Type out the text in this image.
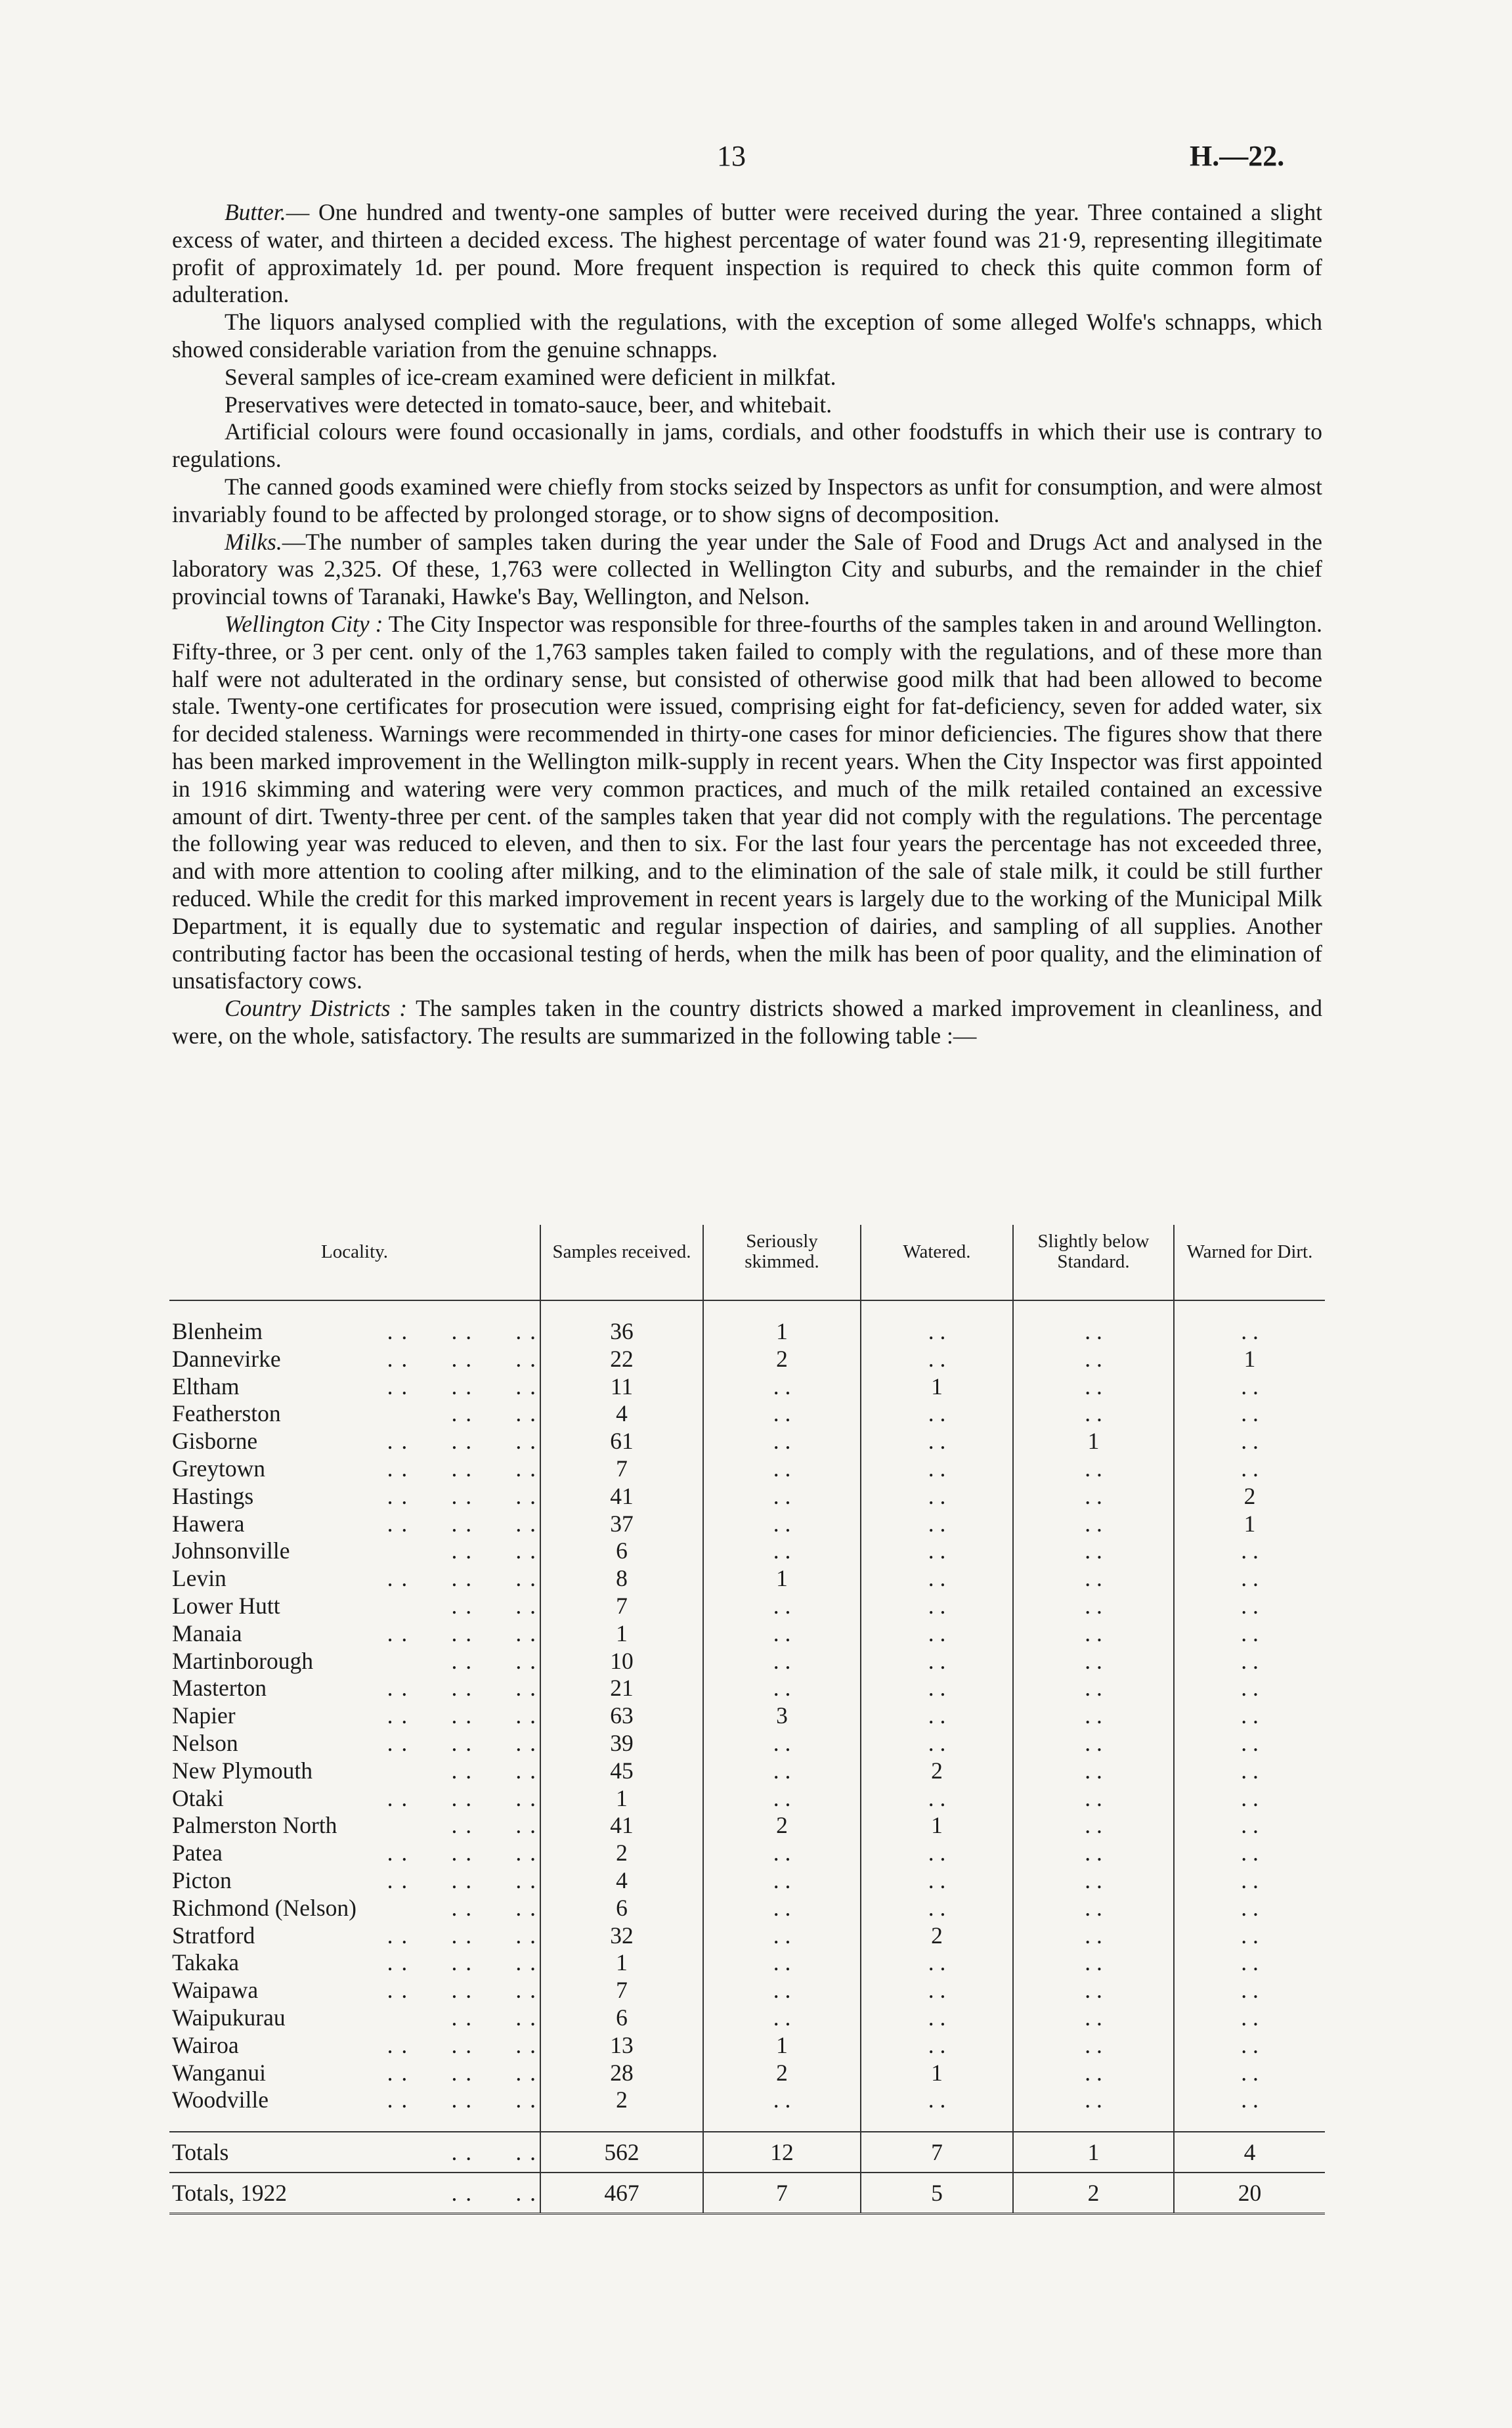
13	H.—22.

Butter.— One hundred and twenty-one samples of butter were received during the year. Three contained a slight excess of water, and thirteen a decided excess. The highest percentage of water found was 21·9, representing illegitimate profit of approximately 1d. per pound. More frequent inspection is required to check this quite common form of adulteration.

The liquors analysed complied with the regulations, with the exception of some alleged Wolfe's schnapps, which showed considerable variation from the genuine schnapps.

Several samples of ice-cream examined were deficient in milkfat.

Preservatives were detected in tomato-sauce, beer, and whitebait.

Artificial colours were found occasionally in jams, cordials, and other foodstuffs in which their use is contrary to regulations.

The canned goods examined were chiefly from stocks seized by Inspectors as unfit for consumption, and were almost invariably found to be affected by prolonged storage, or to show signs of decomposition.

Milks.—The number of samples taken during the year under the Sale of Food and Drugs Act and analysed in the laboratory was 2,325. Of these, 1,763 were collected in Wellington City and suburbs, and the remainder in the chief provincial towns of Taranaki, Hawke's Bay, Wellington, and Nelson.

Wellington City : The City Inspector was responsible for three-fourths of the samples taken in and around Wellington. Fifty-three, or 3 per cent. only of the 1,763 samples taken failed to comply with the regulations, and of these more than half were not adulterated in the ordinary sense, but consisted of otherwise good milk that had been allowed to become stale. Twenty-one certificates for prosecution were issued, comprising eight for fat-deficiency, seven for added water, six for decided staleness. Warnings were recommended in thirty-one cases for minor deficiencies. The figures show that there has been marked improvement in the Wellington milk-supply in recent years. When the City Inspector was first appointed in 1916 skimming and watering were very common practices, and much of the milk retailed contained an excessive amount of dirt. Twenty-three per cent. of the samples taken that year did not comply with the regulations. The percentage the following year was reduced to eleven, and then to six. For the last four years the percentage has not exceeded three, and with more attention to cooling after milking, and to the elimination of the sale of stale milk, it could be still further reduced. While the credit for this marked improvement in recent years is largely due to the working of the Municipal Milk Department, it is equally due to systematic and regular inspection of dairies, and sampling of all supplies. Another contributing factor has been the occasional testing of herds, when the milk has been of poor quality, and the elimination of unsatisfactory cows.

Country Districts : The samples taken in the country districts showed a marked improvement in cleanliness, and were, on the whole, satisfactory. The results are summarized in the following table :—

Locality.	Samples received.	Seriously skimmed.	Watered.	Slightly below Standard.	Warned for Dirt.

Blenheim . .      . .      . .	36	1	. .	. .	. .
Dannevirke . .      . .      . .	22	2	. .	. .	1
Eltham . .      . .      . .	11	. .	1	. .	. .
Featherston . .      . .	4	. .	. .	. .	. .
Gisborne . .      . .      . .	61	. .	. .	1	. .
Greytown . .      . .      . .	7	. .	. .	. .	. .
Hastings . .      . .      . .	41	. .	. .	. .	2
Hawera . .      . .      . .	37	. .	. .	. .	1
Johnsonville . .      . .	6	. .	. .	. .	. .
Levin . .      . .      . .	8	1	. .	. .	. .
Lower Hutt . .      . .	7	. .	. .	. .	. .
Manaia . .      . .      . .	1	. .	. .	. .	. .
Martinborough . .      . .	10	. .	. .	. .	. .
Masterton . .      . .      . .	21	. .	. .	. .	. .
Napier . .      . .      . .	63	3	. .	. .	. .
Nelson . .      . .      . .	39	. .	. .	. .	. .
New Plymouth . .      . .	45	. .	2	. .	. .
Otaki . .      . .      . .	1	. .	. .	. .	. .
Palmerston North . .      . .	41	2	1	. .	. .
Patea . .      . .      . .	2	. .	. .	. .	. .
Picton . .      . .      . .	4	. .	. .	. .	. .
Richmond (Nelson) . .      . .	6	. .	. .	. .	. .
Stratford . .      . .      . .	32	. .	2	. .	. .
Takaka . .      . .      . .	1	. .	. .	. .	. .
Waipawa . .      . .      . .	7	. .	. .	. .	. .
Waipukurau . .      . .	6	. .	. .	. .	. .
Wairoa . .      . .      . .	13	1	. .	. .	. .
Wanganui . .      . .      . .	28	2	1	. .	. .
Woodville . .      . .      . .	2	. .	. .	. .	. .

Totals . .      . .	562	12	7	1	4
Totals, 1922 . .      . .	467	7	5	2	20
